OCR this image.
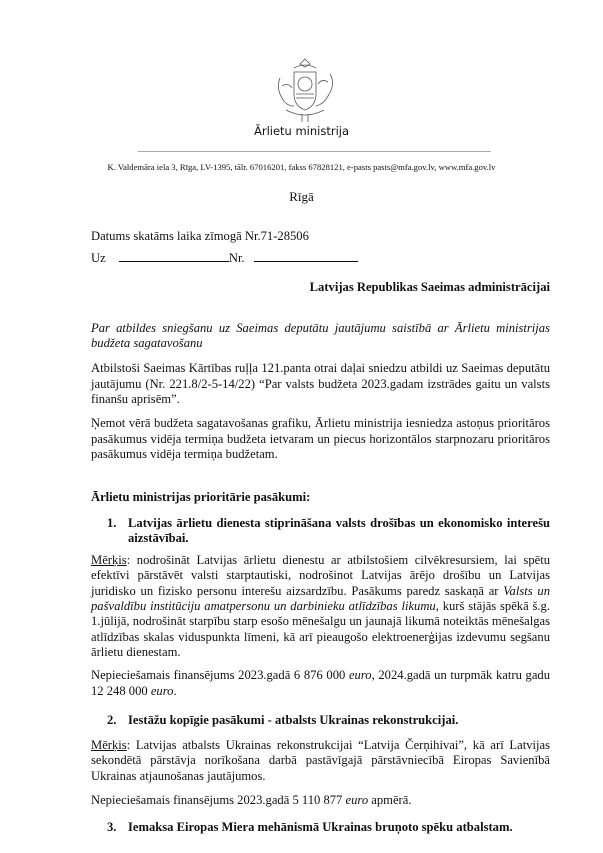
Ārlietu ministrija
K. Valdemāra iela 3, Rīga, LV-1395, tālr. 67016201, fakss 67828121, e-pasts pasts@mfa.gov.lv, www.mfa.gov.lv
Rīgā
Datums skatāms laika zīmogā Nr.71-28506
Uz	Nr.
Latvijas Republikas Saeimas administrācijai
Par atbildes sniegšanu uz Saeimas deputātu jautājumu saistībā ar Ārlietu ministrijas budžeta sagatavošanu
Atbilstoši Saeimas Kārtības ruļļa 121.panta otrai daļai sniedzu atbildi uz Saeimas deputātu jautājumu (Nr. 221.8/2-5-14/22) “Par valsts budžeta 2023.gadam izstrādes gaitu un valsts finanšu aprisēm”.
Ņemot vērā budžeta sagatavošanas grafiku, Ārlietu ministrija iesniedza astoņus prioritāros pasākumus vidēja termiņa budžeta ietvaram un piecus horizontālos starpnozaru prioritāros pasākumus vidēja termiņa budžetam.
Ārlietu ministrijas prioritārie pasākumi:
1. Latvijas ārlietu dienesta stiprināšana valsts drošības un ekonomisko interešu aizstāvībai.
Mērķis: nodrošināt Latvijas ārlietu dienestu ar atbilstošiem cilvēkresursiem, lai spētu efektīvi pārstāvēt valsti starptautiski, nodrošinot Latvijas ārējo drošību un Latvijas juridisko un fizisko personu interešu aizsardzību. Pasākums paredz saskaņā ar Valsts un pašvaldību institūciju amatpersonu un darbinieku atlīdzības likumu, kurš stājās spēkā š.g. 1.jūlijā, nodrošināt starpību starp esošo mēnešalgu un jaunajā likumā noteiktās mēnešalgas atlīdzības skalas viduspunkta līmeni, kā arī pieaugošo elektroenerģijas izdevumu segšanu ārlietu dienestam.
Nepieciešamais finansējums 2023.gadā 6 876 000 euro, 2024.gadā un turpmāk katru gadu 12 248 000 euro.
2. Iestāžu kopīgie pasākumi - atbalsts Ukrainas rekonstrukcijai.
Mērķis: Latvijas atbalsts Ukrainas rekonstrukcijai “Latvija Čerņihivai”, kā arī Latvijas sekondētā pārstāvja norīkošana darbā pastāvīgajā pārstāvniecībā Eiropas Savienībā Ukrainas atjaunošanas jautājumos.
Nepieciešamais finansējums 2023.gadā 5 110 877 euro apmērā.
3. Iemaksa Eiropas Miera mehānismā Ukrainas bruņoto spēku atbalstam.
